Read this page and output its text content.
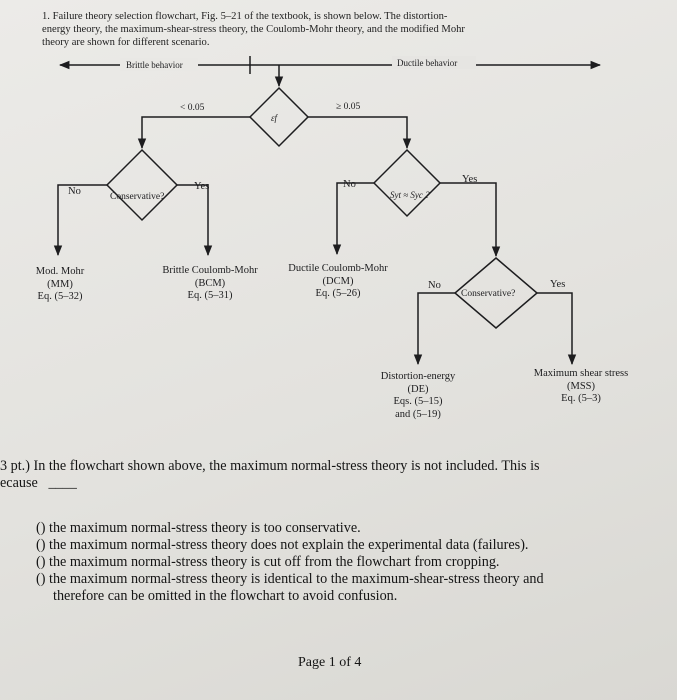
1. Failure theory selection flowchart, Fig. 5–21 of the textbook, is shown below. The distortion-
energy theory, the maximum-shear-stress theory, the Coulomb-Mohr theory, and the modified Mohr
theory are shown for different scenario.
Brittle behavior	Ductile behavior
< 0.05	≥ 0.05
εf
No	Yes
Conservative?
No	Yes
Syt ≈ Syc ?
No	Yes
Conservative?
Mod. Mohr
(MM)
Eq. (5–32)
Brittle Coulomb-Mohr
(BCM)
Eq. (5–31)
Ductile Coulomb-Mohr
(DCM)
Eq. (5–26)
Distortion-energy
(DE)
Eqs. (5–15)
and (5–19)
Maximum shear stress
(MSS)
Eq. (5–3)
3 pt.) In the flowchart shown above, the maximum normal-stress theory is not included. This is
ecause ____
() the maximum normal-stress theory is too conservative.
() the maximum normal-stress theory does not explain the experimental data (failures).
() the maximum normal-stress theory is cut off from the flowchart from cropping.
() the maximum normal-stress theory is identical to the maximum-shear-stress theory and
therefore can be omitted in the flowchart to avoid confusion.
Page 1 of 4
